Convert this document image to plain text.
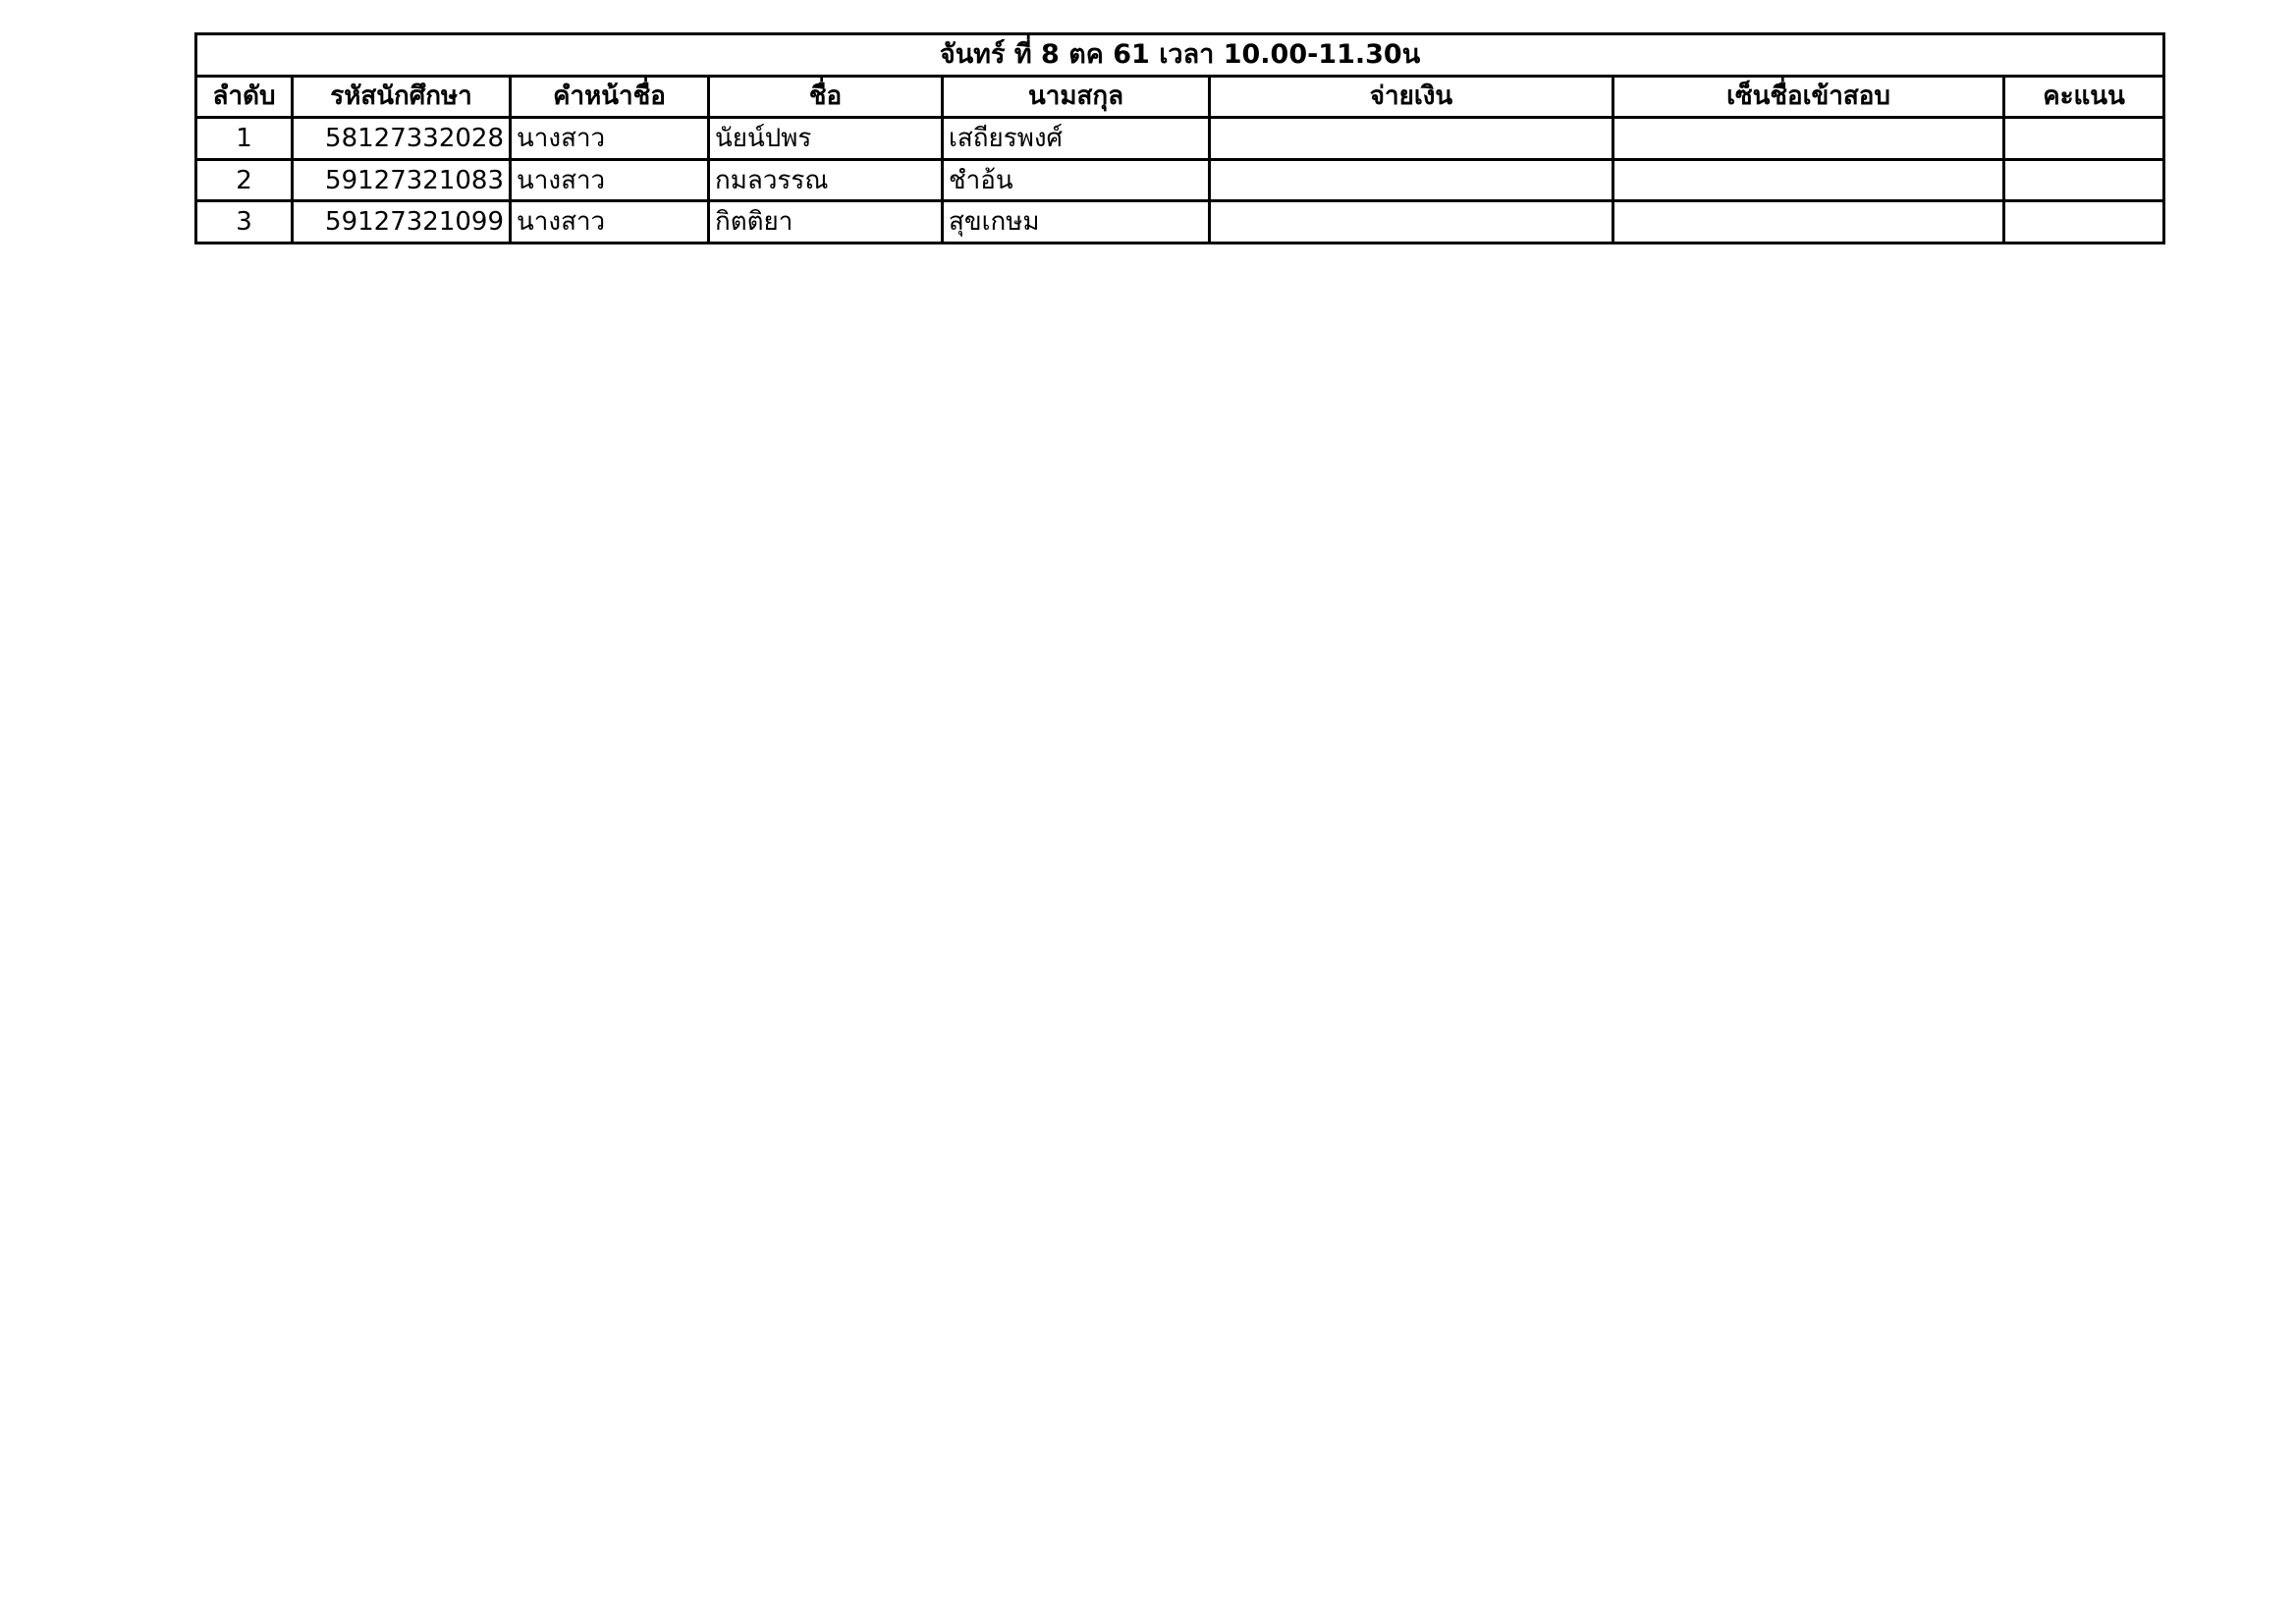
จันทร์ ที่ 8 ตค 61 เวลา 10.00-11.30น							
ลำดับ	รหัสนักศึกษา	คำหน้าชื่อ	ชื่อ	นามสกุล	จ่ายเงิน	เซ็นชื่อเข้าสอบ	คะแนน
1	58127332028	นางสาว	นัยน์ปพร	เสถียรพงศ์			
2	59127321083	นางสาว	กมลวรรณ	ชำอ้น			
3	59127321099	นางสาว	กิตติยา	สุขเกษม			
